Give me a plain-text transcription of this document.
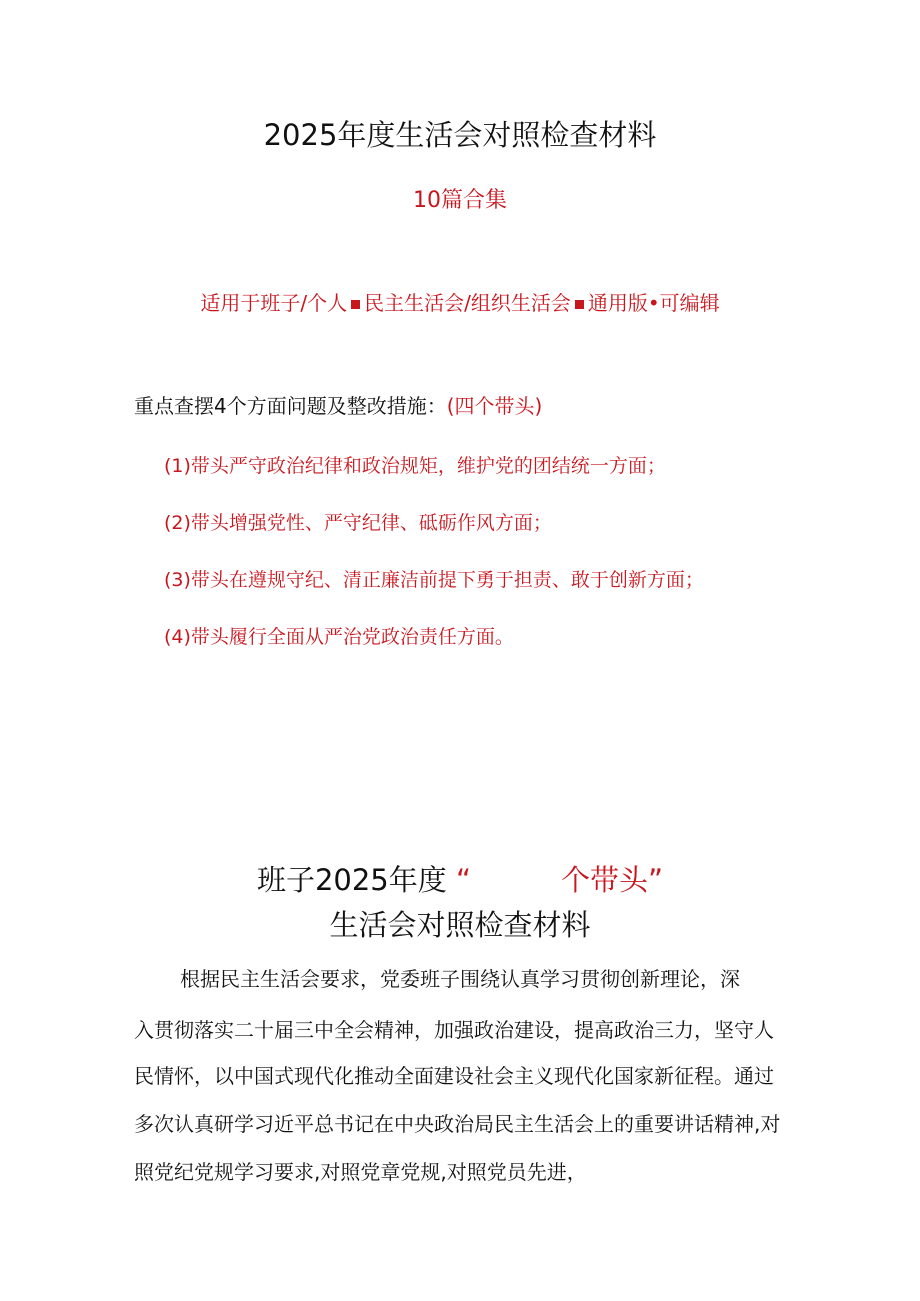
2025年度生活会对照检查材料
10篇合集
适用于班子/个人 民主生活会/组织生活会 通用版•可编辑
重点查摆4个方面问题及整改措施：(四个带头)
(1)带头严守政治纪律和政治规矩，维护党的团结统一方面；
(2)带头增强党性、严守纪律、砥砺作风方面；
(3)带头在遵规守纪、清正廉洁前提下勇于担责、敢于创新方面；
(4)带头履行全面从严治党政治责任方面。
班子2025年度 “	个带头”
生活会对照检查材料
根据民主生活会要求，党委班子围绕认真学习贯彻创新理论，深
入贯彻落实二十届三中全会精神，加强政治建设，提高政治三力，坚守人
民情怀，以中国式现代化推动全面建设社会主义现代化国家新征程。通过
多次认真研学习近平总书记在中央政治局民主生活会上的重要讲话精神,对
照党纪党规学习要求,对照党章党规,对照党员先进，
